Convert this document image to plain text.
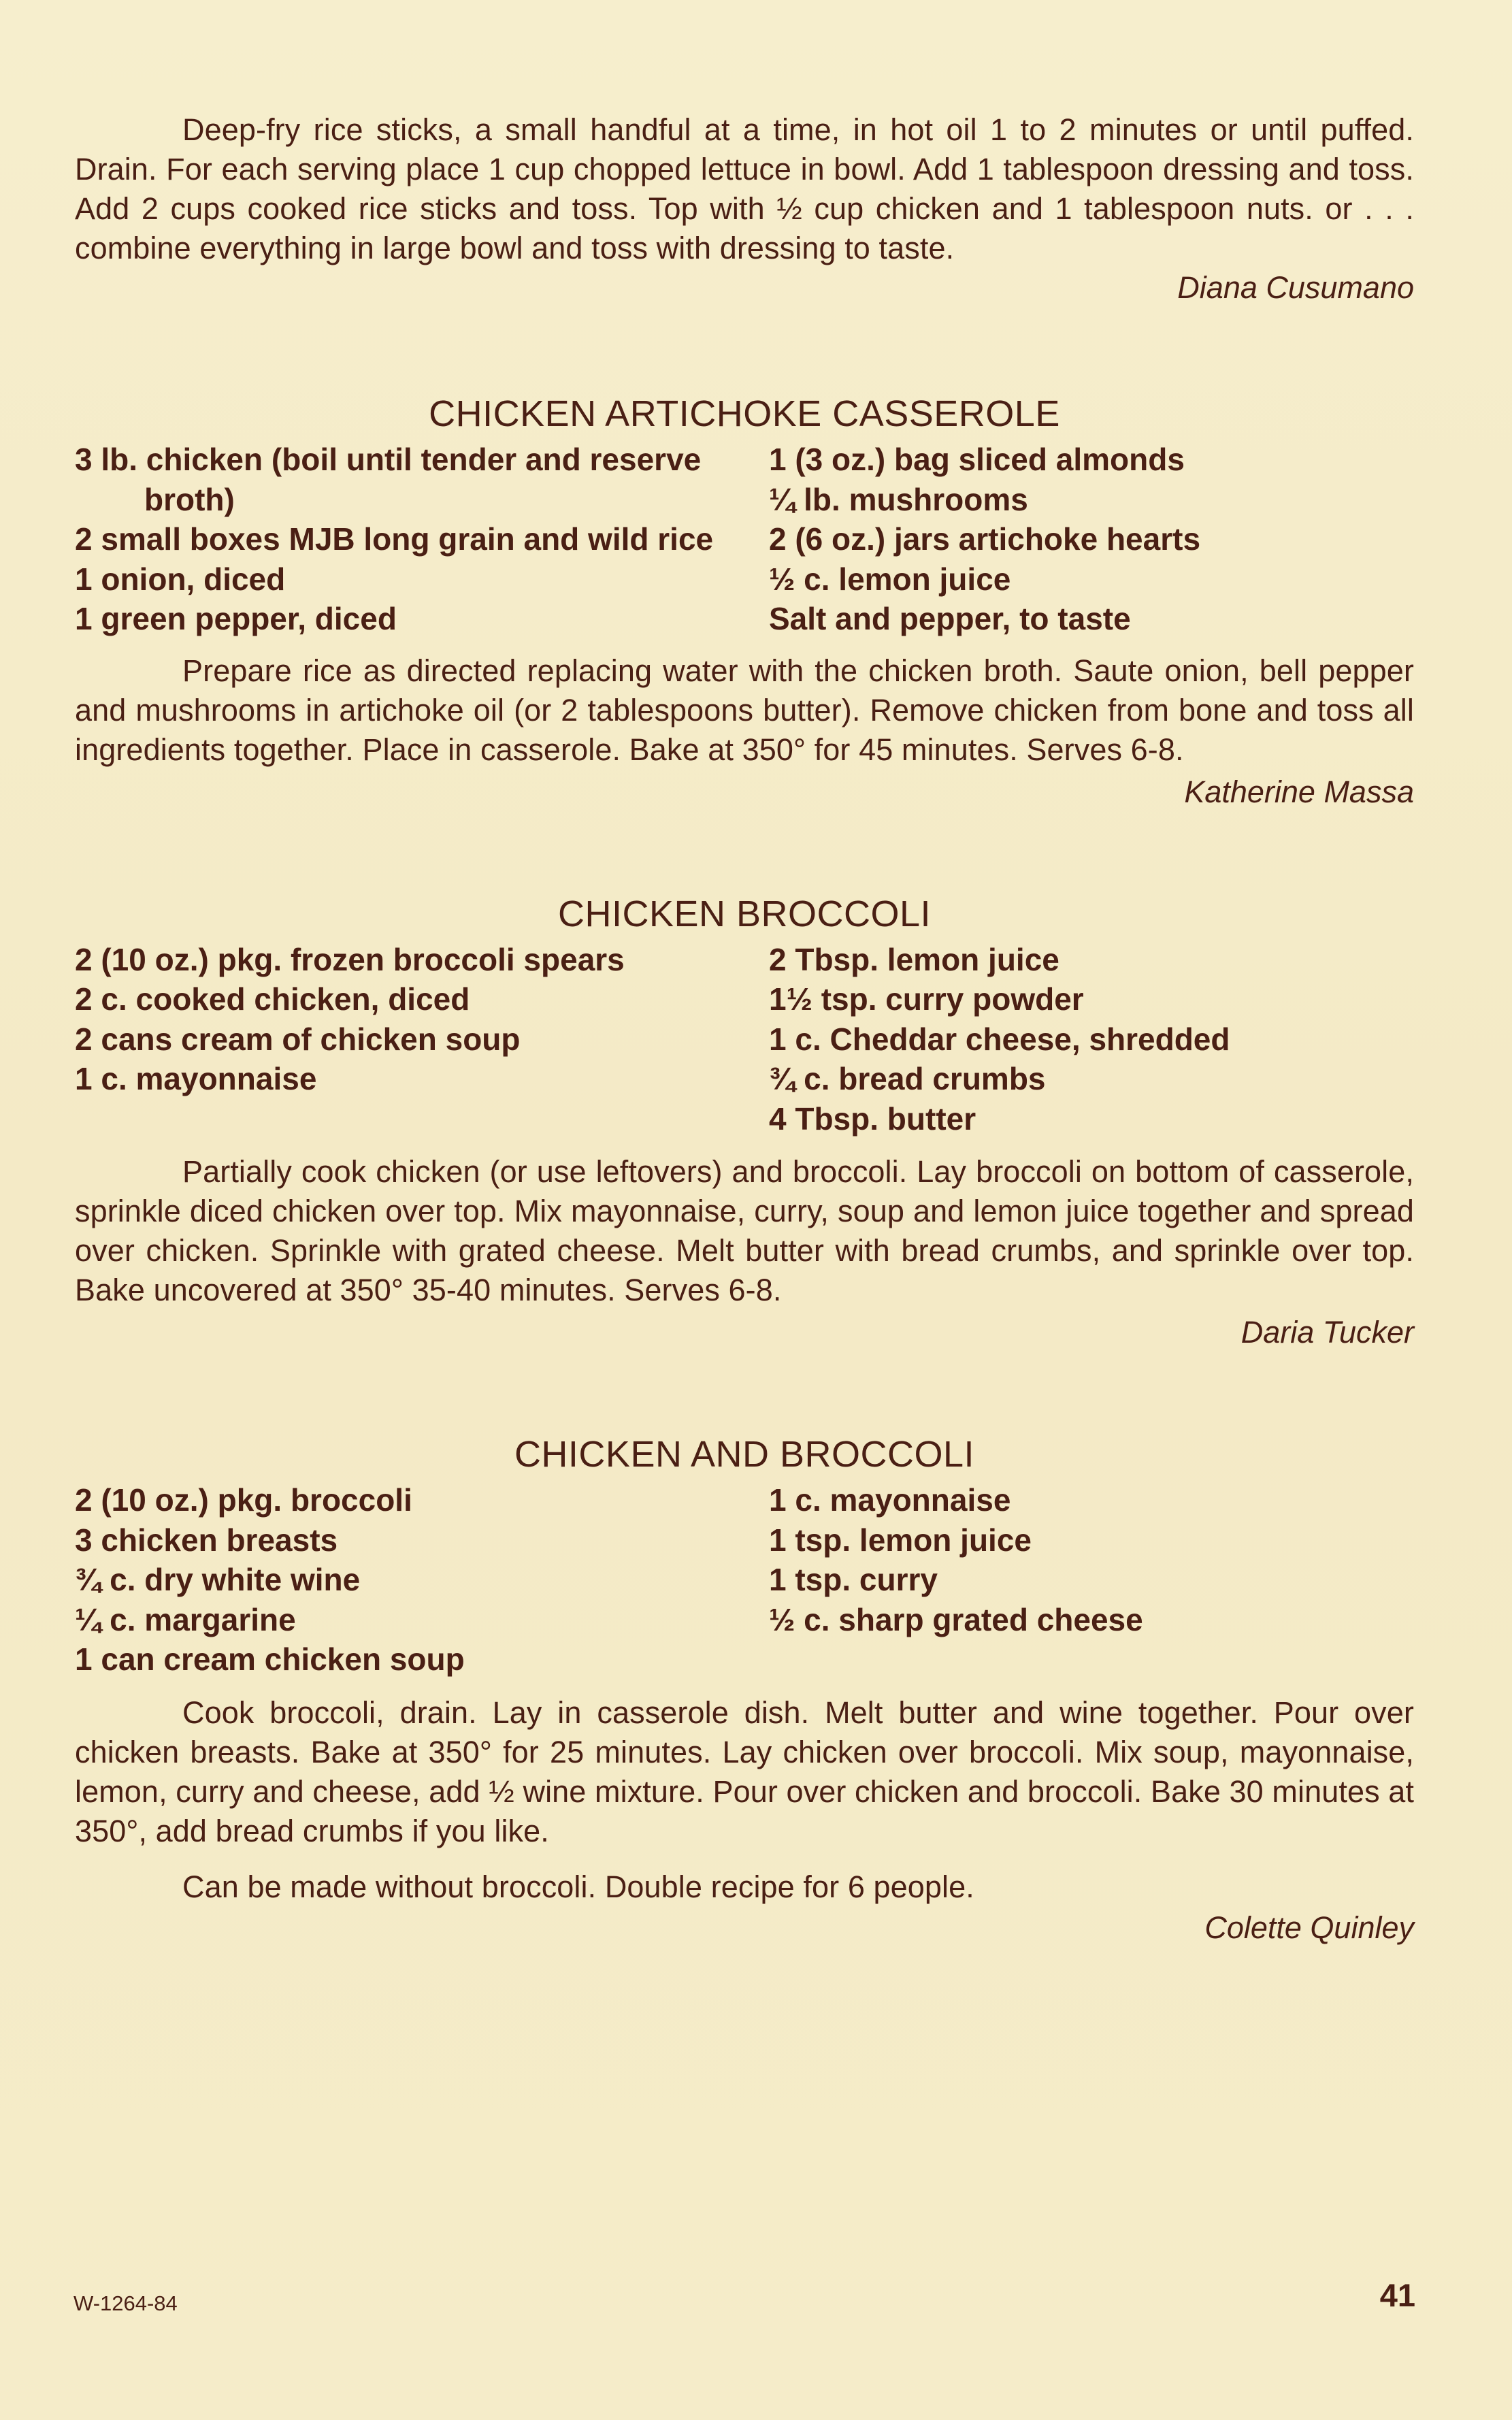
Deep-fry rice sticks, a small handful at a time, in hot oil 1 to 2 minutes or until puffed. Drain. For each serving place 1 cup chopped lettuce in bowl. Add 1 tablespoon dressing and toss. Add 2 cups cooked rice sticks and toss. Top with ½ cup chicken and 1 tablespoon nuts. or . . . combine everything in large bowl and toss with dressing to taste.

Diana Cusumano

CHICKEN ARTICHOKE CASSEROLE
3 lb. chicken (boil until tender and reserve broth)
2 small boxes MJB long grain and wild rice
1 onion, diced
1 green pepper, diced
1 (3 oz.) bag sliced almonds
¼ lb. mushrooms
2 (6 oz.) jars artichoke hearts
½ c. lemon juice
Salt and pepper, to taste

Prepare rice as directed replacing water with the chicken broth. Saute onion, bell pepper and mushrooms in artichoke oil (or 2 tablespoons butter). Remove chicken from bone and toss all ingredients together. Place in casserole. Bake at 350° for 45 minutes. Serves 6-8.

Katherine Massa

CHICKEN BROCCOLI
2 (10 oz.) pkg. frozen broccoli spears
2 c. cooked chicken, diced
2 cans cream of chicken soup
1 c. mayonnaise
2 Tbsp. lemon juice
1½ tsp. curry powder
1 c. Cheddar cheese, shredded
¾ c. bread crumbs
4 Tbsp. butter

Partially cook chicken (or use leftovers) and broccoli. Lay broccoli on bottom of casserole, sprinkle diced chicken over top. Mix mayonnaise, curry, soup and lemon juice together and spread over chicken. Sprinkle with grated cheese. Melt butter with bread crumbs, and sprinkle over top. Bake uncovered at 350° 35-40 minutes. Serves 6-8.

Daria Tucker

CHICKEN AND BROCCOLI
2 (10 oz.) pkg. broccoli
3 chicken breasts
¾ c. dry white wine
¼ c. margarine
1 can cream chicken soup
1 c. mayonnaise
1 tsp. lemon juice
1 tsp. curry
½ c. sharp grated cheese

Cook broccoli, drain. Lay in casserole dish. Melt butter and wine together. Pour over chicken breasts. Bake at 350° for 25 minutes. Lay chicken over broccoli. Mix soup, mayonnaise, lemon, curry and cheese, add ½ wine mixture. Pour over chicken and broccoli. Bake 30 minutes at 350°, add bread crumbs if you like.

Can be made without broccoli. Double recipe for 6 people.

Colette Quinley

W-1264-84	41
